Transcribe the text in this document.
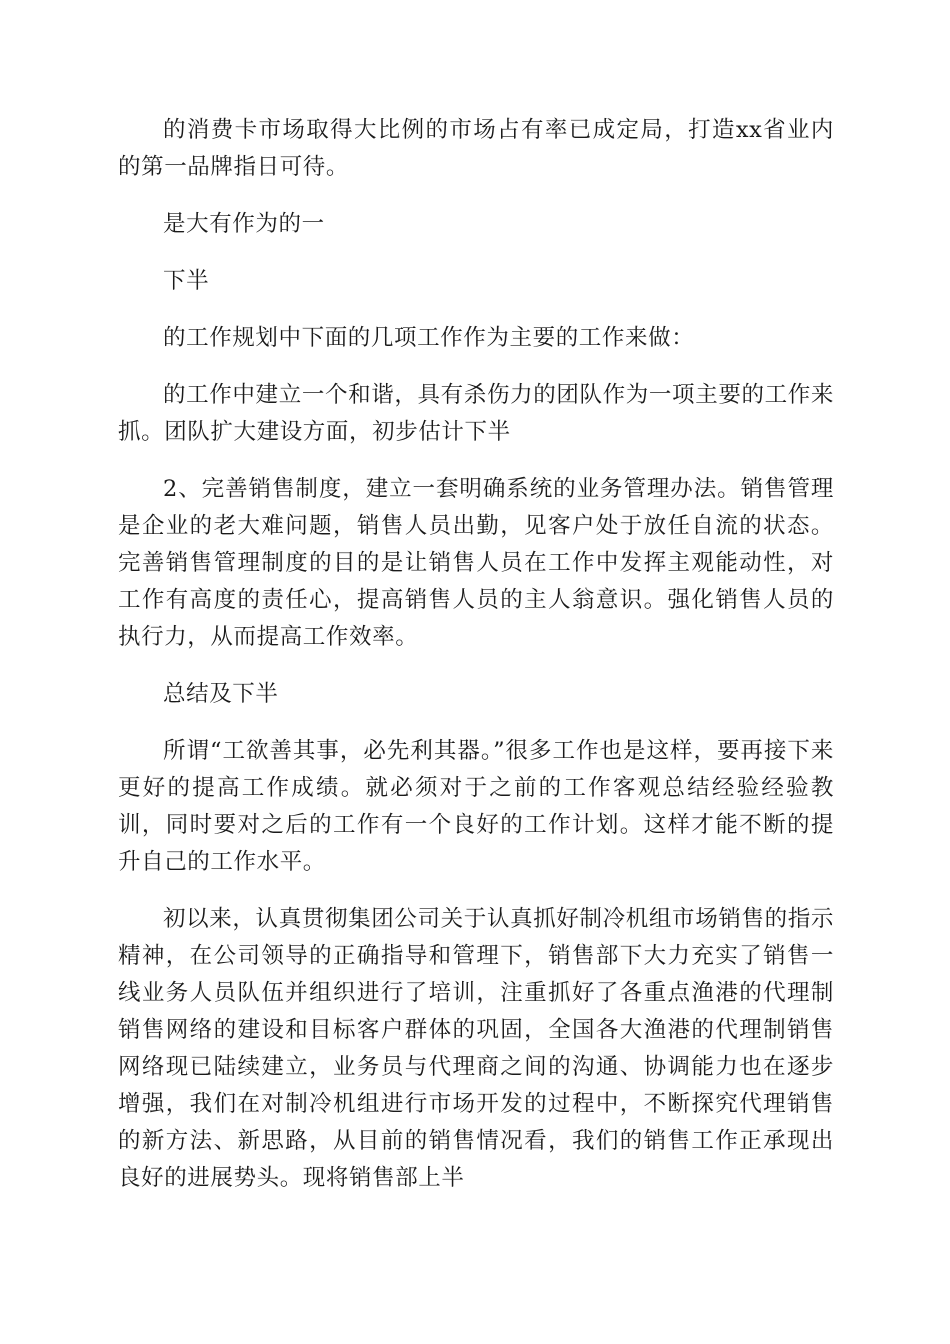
的消费卡市场取得大比例的市场占有率已成定局，打造xx省业内的第一品牌指日可待。

是大有作为的一

下半

的工作规划中下面的几项工作作为主要的工作来做：

的工作中建立一个和谐，具有杀伤力的团队作为一项主要的工作来抓。团队扩大建设方面，初步估计下半

2、完善销售制度，建立一套明确系统的业务管理办法。销售管理是企业的老大难问题，销售人员出勤，见客户处于放任自流的状态。完善销售管理制度的目的是让销售人员在工作中发挥主观能动性，对工作有高度的责任心，提高销售人员的主人翁意识。强化销售人员的执行力，从而提高工作效率。

总结及下半

所谓“工欲善其事，必先利其器。”很多工作也是这样，要再接下来更好的提高工作成绩。就必须对于之前的工作客观总结经验经验教训，同时要对之后的工作有一个良好的工作计划。这样才能不断的提升自己的工作水平。

初以来，认真贯彻集团公司关于认真抓好制冷机组市场销售的指示精神，在公司领导的正确指导和管理下，销售部下大力充实了销售一线业务人员队伍并组织进行了培训，注重抓好了各重点渔港的代理制销售网络的建设和目标客户群体的巩固，全国各大渔港的代理制销售网络现已陆续建立，业务员与代理商之间的沟通、协调能力也在逐步增强，我们在对制冷机组进行市场开发的过程中，不断探究代理销售的新方法、新思路，从目前的销售情况看，我们的销售工作正承现出良好的进展势头。现将销售部上半
